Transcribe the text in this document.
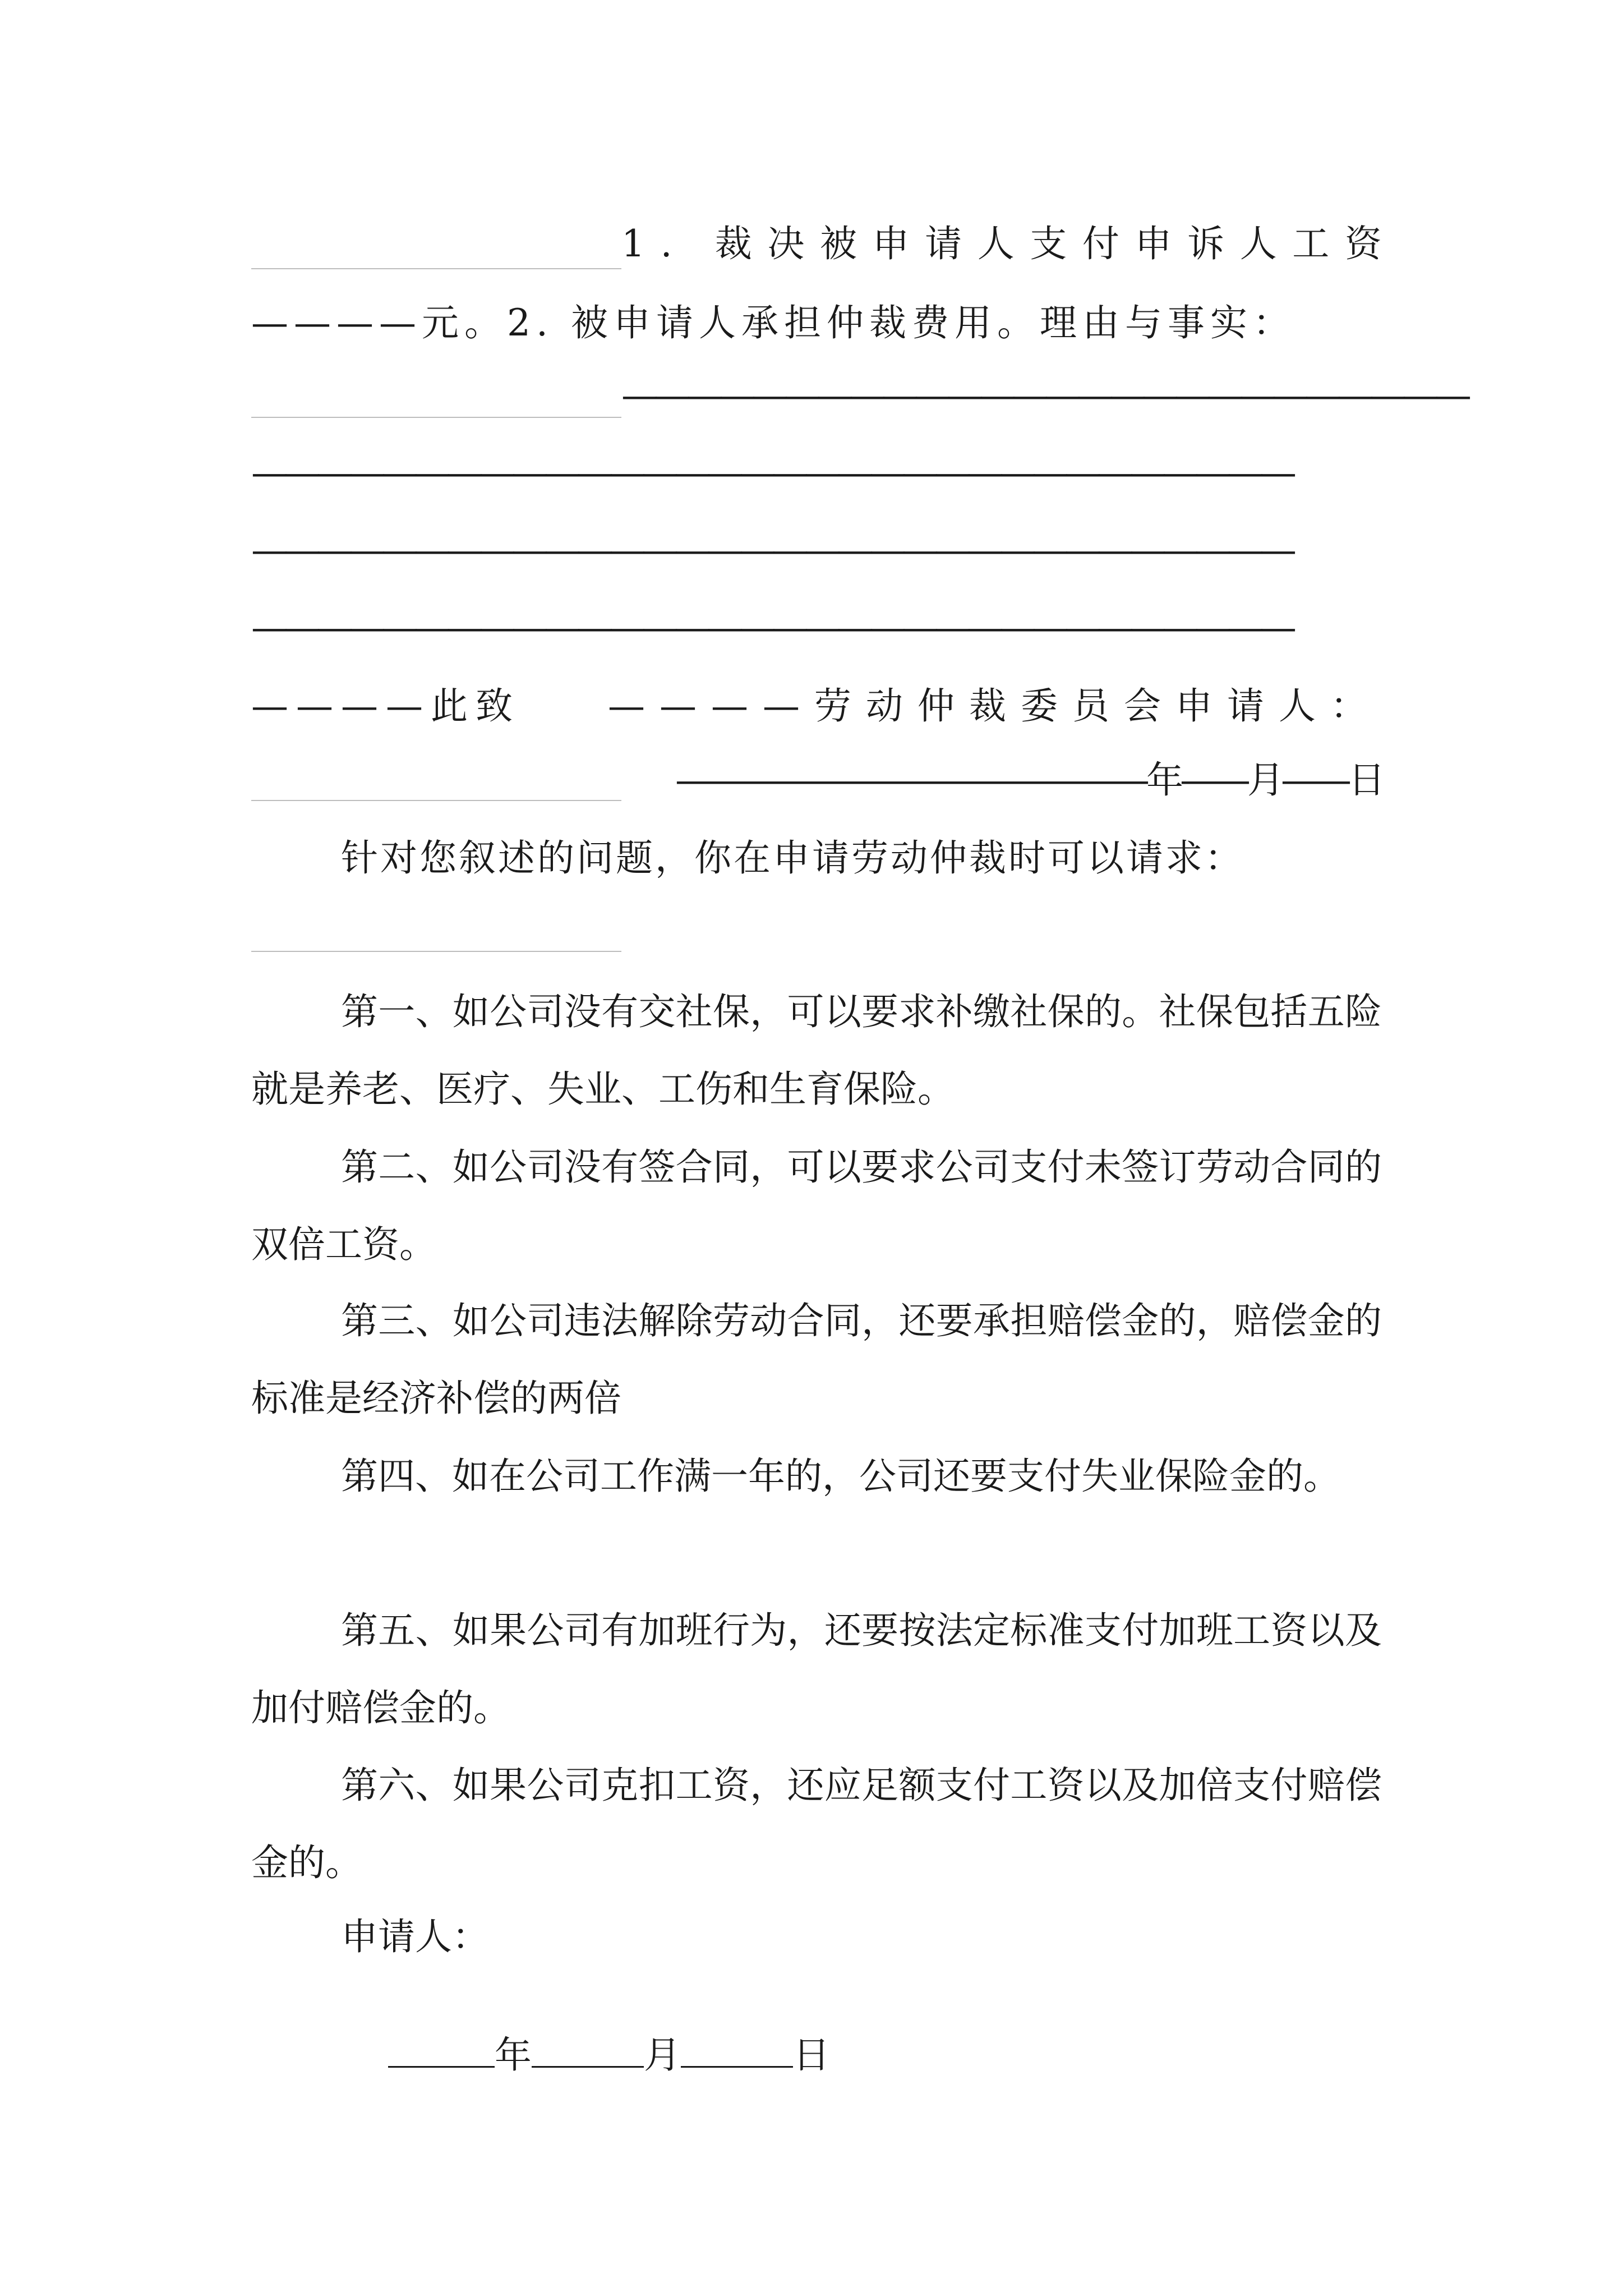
1 .
裁 决 被 申 请 人 支 付 申 诉 人 工 资
————元。2. 被申请人承担仲裁费用。理由与事实：
——————————————————————————
————————————————————————————————
————————————————————————————————
————————————————————————————————
————此致 ————劳动仲裁委员会申请人：
——————————————年——月——日
针对您叙述的问题，你在申请劳动仲裁时可以请求：
第一、如公司没有交社保，可以要求补缴社保的。社保包括五险就是养老、医疗、失业、工伤和生育保险。
第二、如公司没有签合同，可以要求公司支付未签订劳动合同的双倍工资。
第三、如公司违法解除劳动合同，还要承担赔偿金的，赔偿金的标准是经济补偿的两倍
第四、如在公司工作满一年的，公司还要支付失业保险金的。
第五、如果公司有加班行为，还要按法定标准支付加班工资以及加付赔偿金的。
第六、如果公司克扣工资，还应足额支付工资以及加倍支付赔偿金的。
申请人：

年	月	日
